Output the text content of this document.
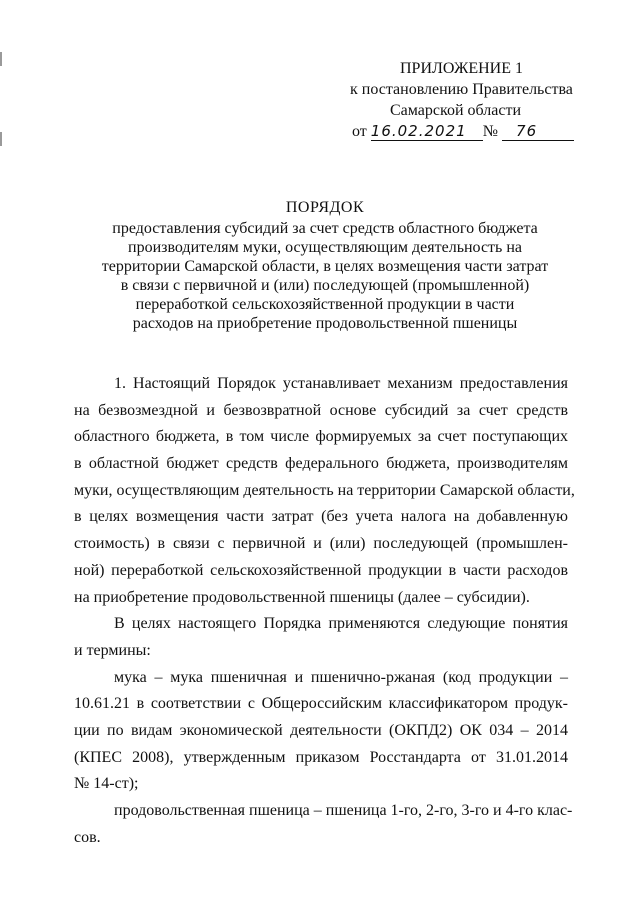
ПРИЛОЖЕНИЕ 1
к постановлению Правительства
Самарской области
от 16.02.2021 № 76
ПОРЯДОК
предоставления субсидий за счет средств областного бюджета
производителям муки, осуществляющим деятельность на
территории Самарской области, в целях возмещения части затрат
в связи с первичной и (или) последующей (промышленной)
переработкой сельскохозяйственной продукции в части
расходов на приобретение продовольственной пшеницы

1. Настоящий Порядок устанавливает механизм предоставления
на безвозмездной и безвозвратной основе субсидий за счет средств
областного бюджета, в том числе формируемых за счет поступающих
в областной бюджет средств федерального бюджета, производителям
муки, осуществляющим деятельность на территории Самарской области,
в целях возмещения части затрат (без учета налога на добавленную
стоимость) в связи с первичной и (или) последующей (промышлен-
ной) переработкой сельскохозяйственной продукции в части расходов
на приобретение продовольственной пшеницы (далее – субсидии).

В целях настоящего Порядка применяются следующие понятия
и термины:

мука – мука пшеничная и пшенично-ржаная (код продукции –
10.61.21 в соответствии с Общероссийским классификатором продук-
ции по видам экономической деятельности (ОКПД2) ОК 034 – 2014
(КПЕС 2008), утвержденным приказом Росстандарта от 31.01.2014
№ 14-ст);

продовольственная пшеница – пшеница 1-го, 2-го, 3-го и 4-го клас-
сов.
